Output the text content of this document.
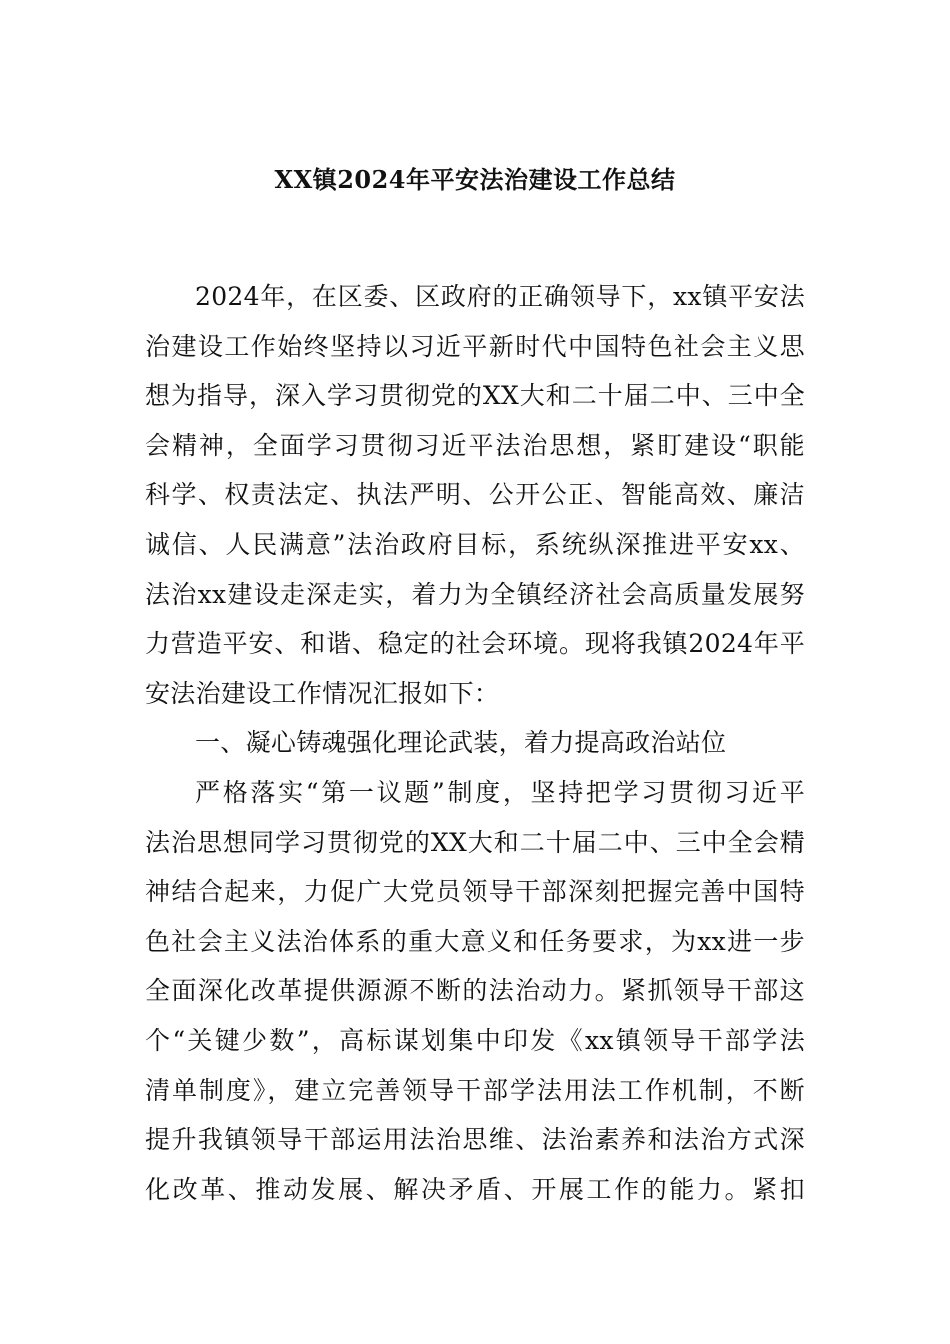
XX镇2024年平安法治建设工作总结
2024年，在区委、区政府的正确领导下，xx镇平安法
治建设工作始终坚持以习近平新时代中国特色社会主义思
想为指导，深入学习贯彻党的XX大和二十届二中、三中全
会精神，全面学习贯彻习近平法治思想，紧盯建设“职能
科学、权责法定、执法严明、公开公正、智能高效、廉洁
诚信、人民满意”法治政府目标，系统纵深推进平安xx、
法治xx建设走深走实，着力为全镇经济社会高质量发展努
力营造平安、和谐、稳定的社会环境。现将我镇2024年平
安法治建设工作情况汇报如下：
一、凝心铸魂强化理论武装，着力提高政治站位
严格落实“第一议题”制度，坚持把学习贯彻习近平
法治思想同学习贯彻党的XX大和二十届二中、三中全会精
神结合起来，力促广大党员领导干部深刻把握完善中国特
色社会主义法治体系的重大意义和任务要求，为xx进一步
全面深化改革提供源源不断的法治动力。紧抓领导干部这
个“关键少数”，高标谋划集中印发《xx镇领导干部学法
清单制度》，建立完善领导干部学法用法工作机制，不断
提升我镇领导干部运用法治思维、法治素养和法治方式深
化改革、推动发展、解决矛盾、开展工作的能力。紧扣
